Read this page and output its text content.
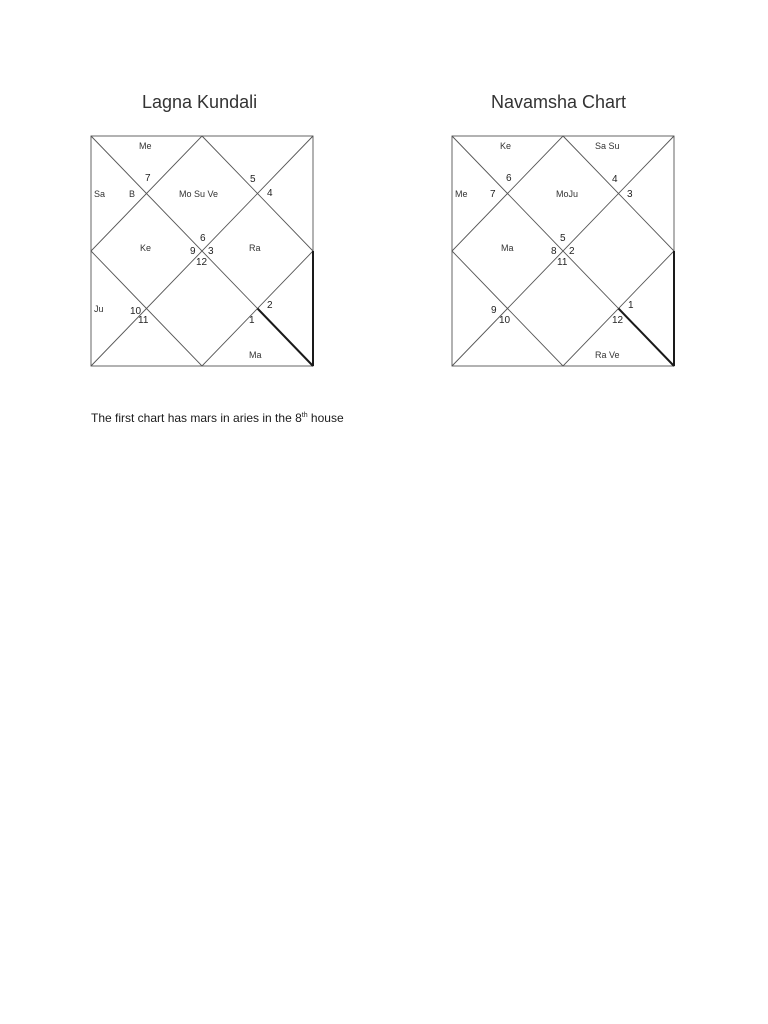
Lagna Kundali	Navamsha Chart
Me
Sa	B	Mo Su Ve
Ke	Ra
Ju
Ma
7	5
4
6
9 3
12
10
11
2
1
Ke	Sa Su
Me	MoJu
Ma
Ra Ve
6	4
7	3
5
8 2
11
9
10
1
12
The first chart has mars in aries in the 8th house
